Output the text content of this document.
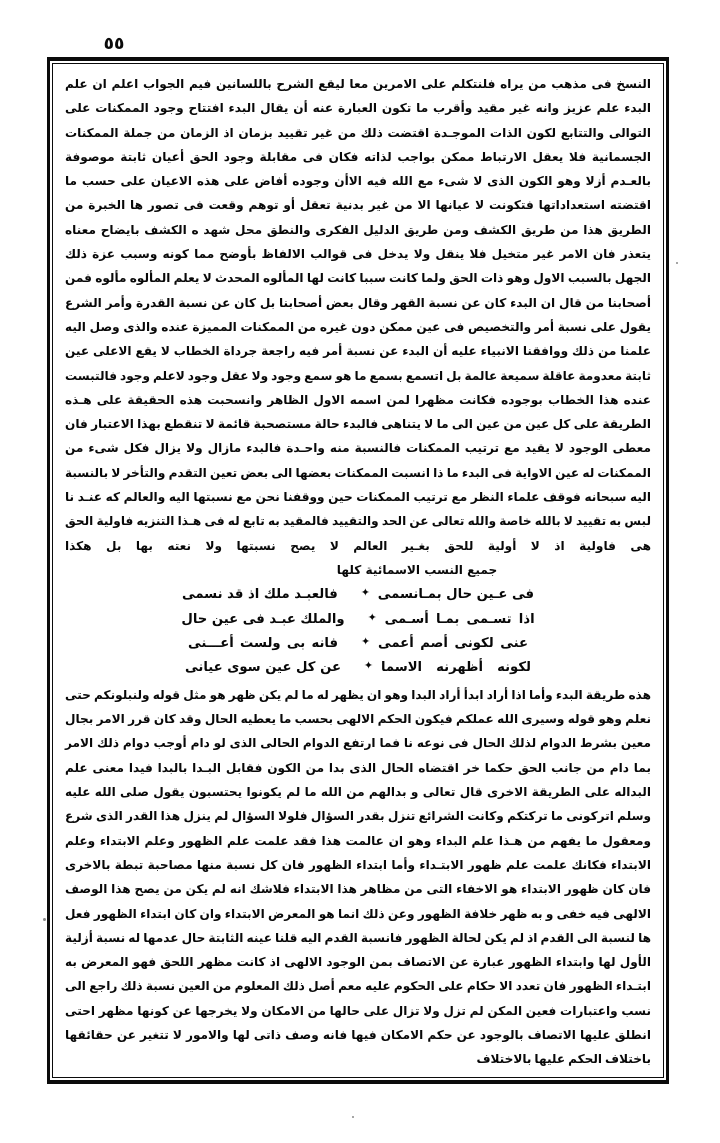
٥٥

النسخ فى مذهب من يراه فلنتكلم على الامرين معا ليقع الشرح باللسانين فيم الجواب اعلم ان علم البدء علم عزيز وانه غير مقيد وأقرب ما تكون العبارة عنه أن يقال البدء افتتاح وجود الممكنات على التوالى والتتابع لكون الذات الموجـدة اقتضت ذلك من غير تقييد بزمان اذ الزمان من جملة الممكنات الجسمانية فلا يعقل الارتباط ممكن بواجب لذاته فكان فى مقابلة وجود الحق أعيان ثابتة موصوفة بالعـدم أزلا وهو الكون الذى لا شىء مع الله فيه الاأن وجوده أفاض على هذه الاعيان على حسب ما اقتضته استعداداتها فتكونت لا عيانها الا من غير بدنية تعقل أو توهم وقعت فى تصور ها الخبرة من الطريق هذا من طريق الكشف ومن طريق الدليل الفكرى والنطق محل شهد ه الكشف بايضاح معناه يتعذر فان الامر غير متخيل فلا ينقل ولا يدخل فى قوالب الالفاظ بأوضح مما كونه وسبب عزة ذلك الجهل بالسبب الاول وهو ذات الحق ولما كانت سببا كانت لها المألوه المحدث لا يعلم المألوه مألوه فمن أصحابنا من قال ان البدء كان عن نسبة القهر وقال بعض أصحابنا بل كان عن نسبة القدرة وأمر الشرع يقول على نسبة أمر والتخصيص فى عين ممكن دون غيره من الممكنات المميزة عنده والذى وصل اليه علمنا من ذلك ووافقنا الانبياء عليه أن البدء عن نسبة أمر فيه راجعة جرداة الخطاب لا يقع الاعلى عين ثابتة معدومة عاقلة سميعة عالمة بل اتسمع بسمع ما هو سمع وجود ولا عقل وجود لاعلم وجود فالتبست عنده هذا الخطاب بوجوده فكانت مظهرا لمن اسمه الاول الظاهر وانسحبت هذه الحقيقة على هـذه الطريقة على كل عين من عين الى ما لا يتناهى فالبدء حالة مستصحبة قائمة لا تنقطع بهذا الاعتبار فان معطى الوجود لا يقيد مع ترتيب الممكنات فالنسبة منه واحـدة فالبدء مازال ولا يزال فكل شىء من الممكنات له عين الاواية فى البدء ما ذا انسبت الممكنات بعضها الى بعض تعين التقدم والتأخر لا بالنسبة اليه سبحانه فوقف علماء النظر مع ترتيب الممكنات حين ووقفنا نحن مع نسبتها اليه والعالم كه عنـد نا لبس به تقييد لا بالله خاصة والله تعالى عن الحد والتقييد فالمقيد به تابع له فى هـذا التنزيه فاولية الحق هى فاولية اذ لا أولية للحق بغـير العالم لا يصح نسبتها ولا نعته بها بل هكذا

جميع النسب الاسمائية كلها

فى عـين حال بمـانسمى
✦
فالعبـد ملك اذ قد نسمى
اذا تسـمى بمـا أسـمى
✦
والملك عبـد فى عين حال
عنى لكونى أصم أعمى
✦
فانه بى ولست أعـــنى
لكونه أظهرنه الاسما
✦
عن كل عين سوى عيانى

هذه طريقة البدء وأما اذا أراد ابدأ أراد البدا وهو ان يظهر له ما لم يكن ظهر هو مثل قوله ولنبلونكم حتى نعلم وهو قوله وسيرى الله عملكم فيكون الحكم الالهى بحسب ما يعطيه الحال وقد كان قرر الامر بجال معين بشرط الدوام لذلك الحال فى نوعه نا فما ارتفع الدوام الحالى الذى لو دام أوجب دوام ذلك الامر بما دام من جانب الحق حكما خر اقتضاه الحال الذى بدا من الكون فقابل البـدا بالبدا فيدا معنى علم البداله على الطريقة الاخرى قال تعالى و بدالهم من الله ما لم يكونوا يحتسبون يقول صلى الله عليه وسلم اتركونى ما تركتكم وكانت الشرائع تنزل بقدر السؤال فلولا السؤال لم ينزل هذا القدر الذى شرع ومعقول ما يفهم من هـذا علم البداء وهو ان عالمت هذا فقد علمت علم الظهور وعلم الابتداء وعلم الابتداء فكانك علمت علم ظهور الابتـداء وأما ابتداء الظهور فان كل نسبة منها مصاحبة تبطة بالاخرى فان كان ظهور الابتداء هو الاخفاء التى من مظاهر هذا الابتداء فلاشك انه لم يكن من يصح هذا الوصف الالهى فيه خفى و به ظهر خلافة الظهور وعن ذلك انما هو المعرض الابتداء وان كان ابتداء الظهور فعل ها لنسبة الى القدم اذ لم يكن لحالة الظهور فانسبة القدم اليه قلنا عينه الثابتة حال عدمها له نسبة أزلية الأول لها وابتداء الظهور عبارة عن الاتصاف بمن الوجود الالهى اذ كانت مظهر اللحق فهو المعرض به ابتـداء الظهور فان تعدد الا حكام على الحكوم عليه معم أصل ذلك المعلوم من العين نسبة ذلك راجع الى نسب واعتبارات فعين المكن لم تزل ولا تزال على حالها من الامكان ولا يخرجها عن كونها مظهر احتى انطلق عليها الاتصاف بالوجود عن حكم الامكان فيها فانه وصف ذاتى لها والامور لا تتغير عن حقائقها باختلاف الحكم عليها بالاختلاف
